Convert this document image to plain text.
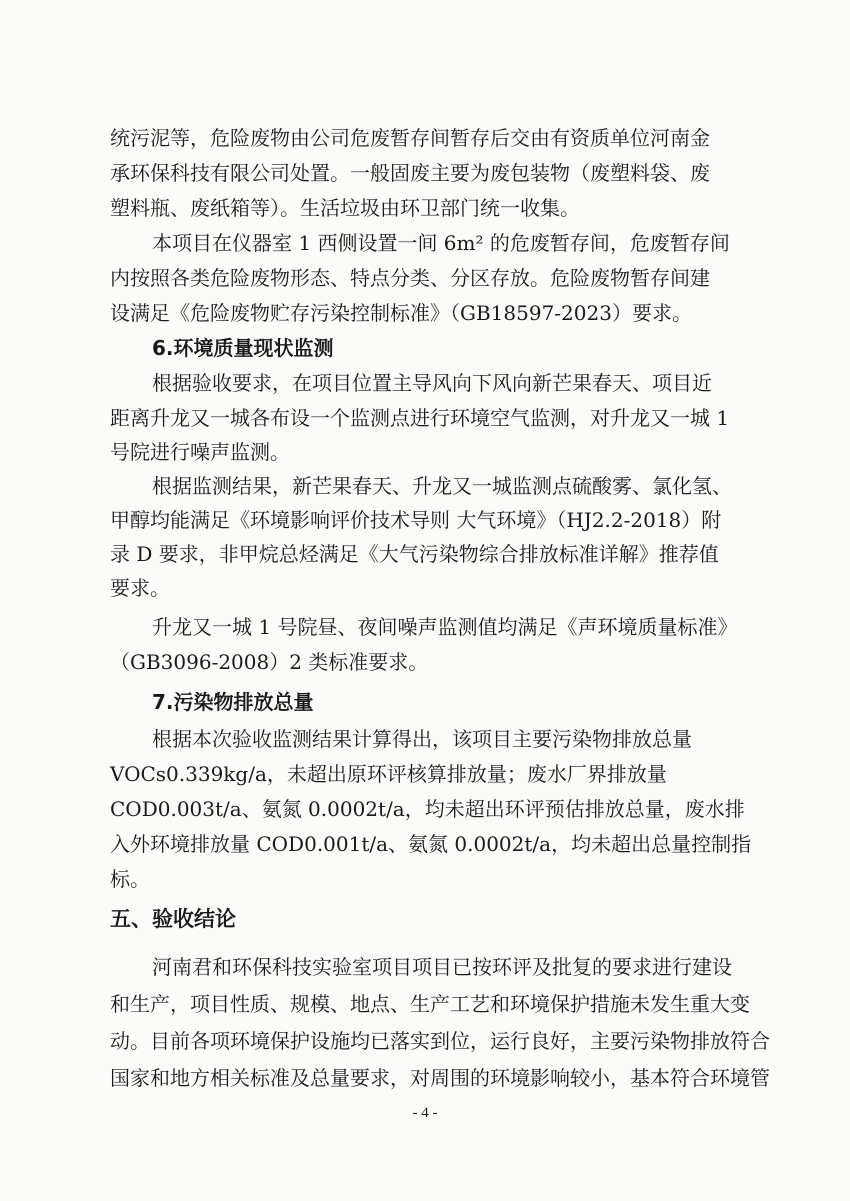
统污泥等，危险废物由公司危废暂存间暂存后交由有资质单位河南金
承环保科技有限公司处置。一般固废主要为废包装物（废塑料袋、废
塑料瓶、废纸箱等）。生活垃圾由环卫部门统一收集。
本项目在仪器室 1 西侧设置一间 6m² 的危废暂存间，危废暂存间
内按照各类危险废物形态、特点分类、分区存放。危险废物暂存间建
设满足《危险废物贮存污染控制标准》（GB18597-2023）要求。
6.环境质量现状监测
根据验收要求，在项目位置主导风向下风向新芒果春天、项目近
距离升龙又一城各布设一个监测点进行环境空气监测，对升龙又一城 1
号院进行噪声监测。
根据监测结果，新芒果春天、升龙又一城监测点硫酸雾、氯化氢、
甲醇均能满足《环境影响评价技术导则 大气环境》（HJ2.2-2018）附
录 D 要求，非甲烷总烃满足《大气污染物综合排放标准详解》推荐值
要求。
升龙又一城 1 号院昼、夜间噪声监测值均满足《声环境质量标准》
（GB3096-2008）2 类标准要求。
7.污染物排放总量
根据本次验收监测结果计算得出，该项目主要污染物排放总量
VOCs0.339kg/a，未超出原环评核算排放量；废水厂界排放量
COD0.003t/a、氨氮 0.0002t/a，均未超出环评预估排放总量，废水排
入外环境排放量 COD0.001t/a、氨氮 0.0002t/a，均未超出总量控制指
标。
五、验收结论
河南君和环保科技实验室项目项目已按环评及批复的要求进行建设
和生产，项目性质、规模、地点、生产工艺和环境保护措施未发生重大变
动。目前各项环境保护设施均已落实到位，运行良好，主要污染物排放符合
国家和地方相关标准及总量要求，对周围的环境影响较小，基本符合环境管
- 4 -
